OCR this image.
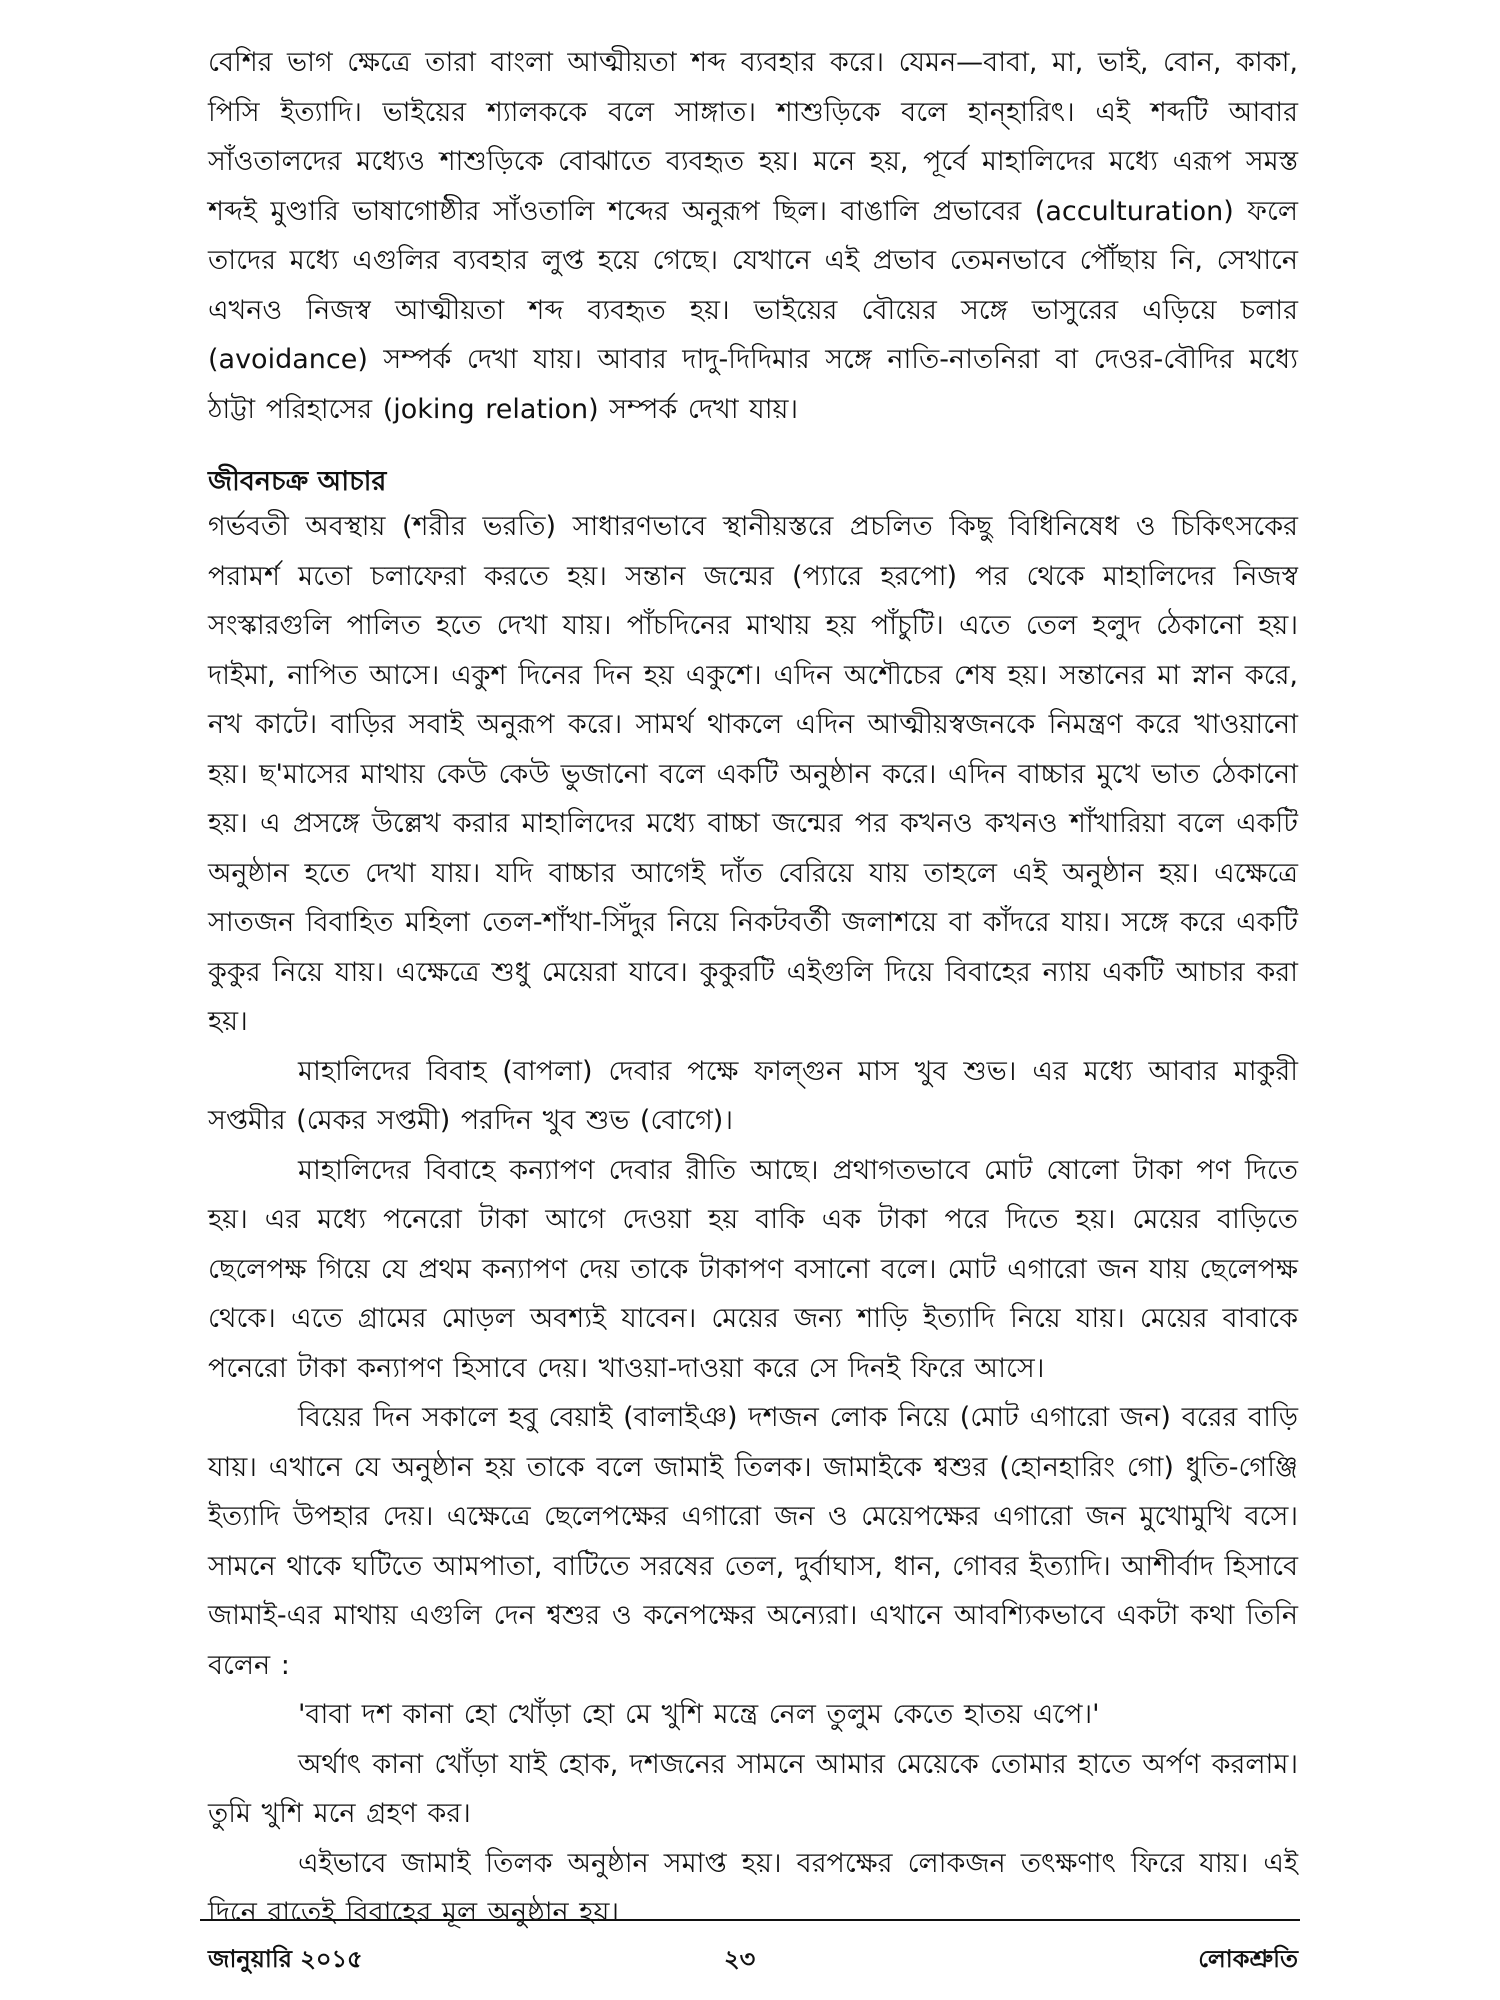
বেশির ভাগ ক্ষেত্রে তারা বাংলা আত্মীয়তা শব্দ ব্যবহার করে। যেমন—বাবা, মা, ভাই, বোন, কাকা, পিসি ইত্যাদি। ভাইয়ের শ্যালককে বলে সাঙ্গাত। শাশুড়িকে বলে হান্‌হারিৎ। এই শব্দটি আবার সাঁওতালদের মধ্যেও শাশুড়িকে বোঝাতে ব্যবহৃত হয়। মনে হয়, পূর্বে মাহালিদের মধ্যে এরূপ সমস্ত শব্দই মুণ্ডারি ভাষাগোষ্ঠীর সাঁওতালি শব্দের অনুরূপ ছিল। বাঙালি প্রভাবের (acculturation) ফলে তাদের মধ্যে এগুলির ব্যবহার লুপ্ত হয়ে গেছে। যেখানে এই প্রভাব তেমনভাবে পৌঁছায় নি, সেখানে এখনও নিজস্ব আত্মীয়তা শব্দ ব্যবহৃত হয়। ভাইয়ের বৌয়ের সঙ্গে ভাসুরের এড়িয়ে চলার (avoidance) সম্পর্ক দেখা যায়। আবার দাদু-দিদিমার সঙ্গে নাতি-নাতনিরা বা দেওর-বৌদির মধ্যে ঠাট্টা পরিহাসের (joking relation) সম্পর্ক দেখা যায়।

জীবনচক্র আচার

গর্ভবতী অবস্থায় (শরীর ভরতি) সাধারণভাবে স্থানীয়স্তরে প্রচলিত কিছু বিধিনিষেধ ও চিকিৎসকের পরামর্শ মতো চলাফেরা করতে হয়। সন্তান জন্মের (প্যারে হরপো) পর থেকে মাহালিদের নিজস্ব সংস্কারগুলি পালিত হতে দেখা যায়। পাঁচদিনের মাথায় হয় পাঁচুটি। এতে তেল হলুদ ঠেকানো হয়। দাইমা, নাপিত আসে। একুশ দিনের দিন হয় একুশে। এদিন অশৌচের শেষ হয়। সন্তানের মা স্নান করে, নখ কাটে। বাড়ির সবাই অনুরূপ করে। সামর্থ থাকলে এদিন আত্মীয়স্বজনকে নিমন্ত্রণ করে খাওয়ানো হয়। ছ'মাসের মাথায় কেউ কেউ ভুজানো বলে একটি অনুষ্ঠান করে। এদিন বাচ্চার মুখে ভাত ঠেকানো হয়। এ প্রসঙ্গে উল্লেখ করার মাহালিদের মধ্যে বাচ্চা জন্মের পর কখনও কখনও শাঁখারিয়া বলে একটি অনুষ্ঠান হতে দেখা যায়। যদি বাচ্চার আগেই দাঁত বেরিয়ে যায় তাহলে এই অনুষ্ঠান হয়। এক্ষেত্রে সাতজন বিবাহিত মহিলা তেল-শাঁখা-সিঁদুর নিয়ে নিকটবর্তী জলাশয়ে বা কাঁদরে যায়। সঙ্গে করে একটি কুকুর নিয়ে যায়। এক্ষেত্রে শুধু মেয়েরা যাবে। কুকুরটি এইগুলি দিয়ে বিবাহের ন্যায় একটি আচার করা হয়।

মাহালিদের বিবাহ (বাপলা) দেবার পক্ষে ফাল্গুন মাস খুব শুভ। এর মধ্যে আবার মাকুরী সপ্তমীর (মেকর সপ্তমী) পরদিন খুব শুভ (বোগে)।

মাহালিদের বিবাহে কন্যাপণ দেবার রীতি আছে। প্রথাগতভাবে মোট ষোলো টাকা পণ দিতে হয়। এর মধ্যে পনেরো টাকা আগে দেওয়া হয় বাকি এক টাকা পরে দিতে হয়। মেয়ের বাড়িতে ছেলেপক্ষ গিয়ে যে প্রথম কন্যাপণ দেয় তাকে টাকাপণ বসানো বলে। মোট এগারো জন যায় ছেলেপক্ষ থেকে। এতে গ্রামের মোড়ল অবশ্যই যাবেন। মেয়ের জন্য শাড়ি ইত্যাদি নিয়ে যায়। মেয়ের বাবাকে পনেরো টাকা কন্যাপণ হিসাবে দেয়। খাওয়া-দাওয়া করে সে দিনই ফিরে আসে।

বিয়ের দিন সকালে হবু বেয়াই (বালাইঞ) দশজন লোক নিয়ে (মোট এগারো জন) বরের বাড়ি যায়। এখানে যে অনুষ্ঠান হয় তাকে বলে জামাই তিলক। জামাইকে শ্বশুর (হোনহারিং গো) ধুতি-গেঞ্জি ইত্যাদি উপহার দেয়। এক্ষেত্রে ছেলেপক্ষের এগারো জন ও মেয়েপক্ষের এগারো জন মুখোমুখি বসে। সামনে থাকে ঘটিতে আমপাতা, বাটিতে সরষের তেল, দুর্বাঘাস, ধান, গোবর ইত্যাদি। আশীর্বাদ হিসাবে জামাই-এর মাথায় এগুলি দেন শ্বশুর ও কনেপক্ষের অন্যেরা। এখানে আবশ্যিকভাবে একটা কথা তিনি বলেন :

'বাবা দশ কানা হো খোঁড়া হো মে খুশি মন্ত্রে নেল তুলুম কেতে হাতয় এপে।'

অর্থাৎ কানা খোঁড়া যাই হোক, দশজনের সামনে আমার মেয়েকে তোমার হাতে অর্পণ করলাম। তুমি খুশি মনে গ্রহণ কর।

এইভাবে জামাই তিলক অনুষ্ঠান সমাপ্ত হয়। বরপক্ষের লোকজন তৎক্ষণাৎ ফিরে যায়। এই দিনে রাতেই বিবাহের মূল অনুষ্ঠান হয়।

জানুয়ারি ২০১৫	২৩	লোকশ্রুতি
